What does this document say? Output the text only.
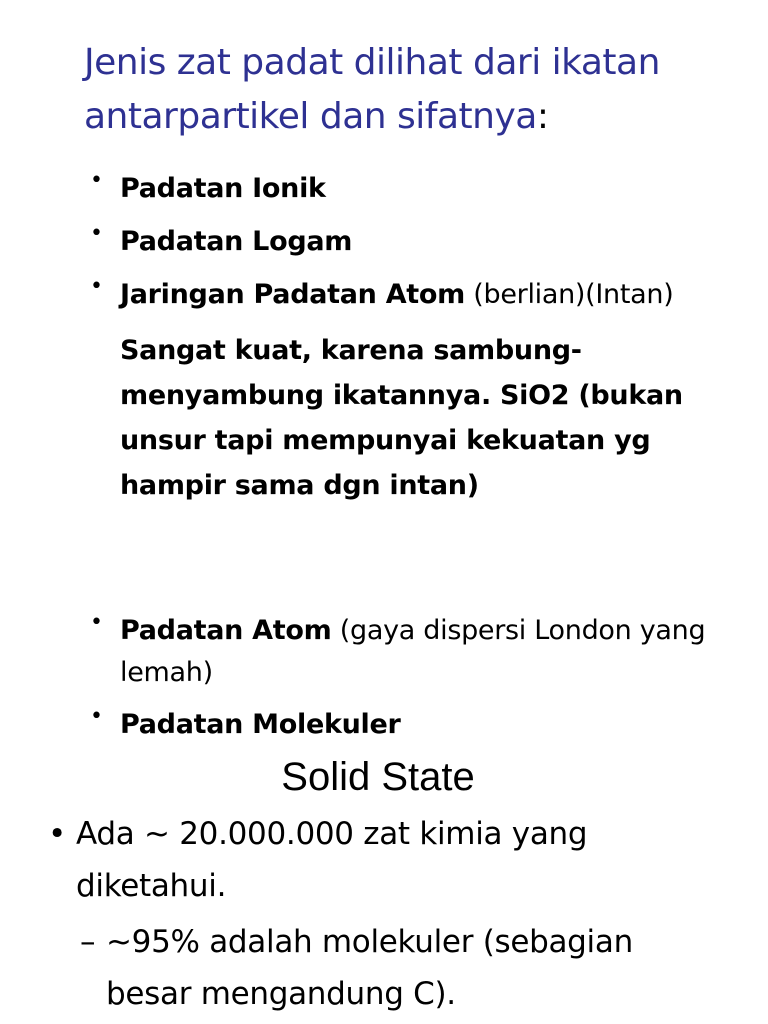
Jenis zat padat dilihat dari ikatan antarpartikel dan sifatnya:
• Padatan Ionik
• Padatan Logam
• Jaringan Padatan Atom (berlian)(Intan)
Sangat kuat, karena sambung-menyambung ikatannya. SiO2 (bukan unsur tapi mempunyai kekuatan yg hampir sama dgn intan)
• Padatan Atom (gaya dispersi London yang lemah)
• Padatan Molekuler
Solid State
• Ada ~ 20.000.000 zat kimia yang diketahui.
– ~95% adalah molekuler (sebagian besar mengandung C).
